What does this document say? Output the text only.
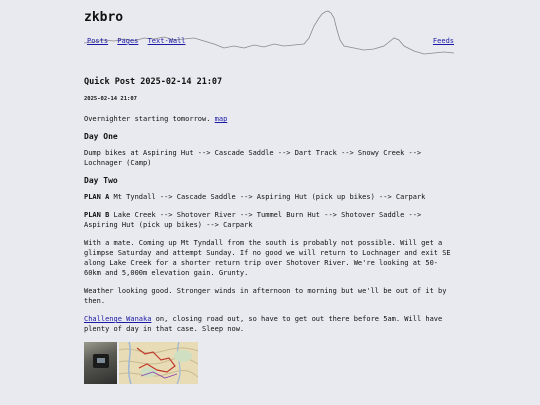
zkbro
Posts Pages Text-Wall	Feeds
Quick Post 2025-02-14 21:07
2025-02-14 21:07

Overnighter starting tomorrow. map

Day One

Dump bikes at Aspiring Hut --> Cascade Saddle --> Dart Track --> Snowy Creek --> Lochnager (Camp)

Day Two

PLAN A Mt Tyndall --> Cascade Saddle --> Aspiring Hut (pick up bikes) --> Carpark

PLAN B Lake Creek --> Shotover River --> Tummel Burn Hut --> Shotover Saddle --> Aspiring Hut (pick up bikes) --> Carpark

With a mate. Coming up Mt Tyndall from the south is probably not possible. Will get a glimpse Saturday and attempt Sunday. If no good we will return to Lochnager and exit SE along Lake Creek for a shorter return trip over Shotover River. We're looking at 50-60km and 5,000m elevation gain. Grunty.

Weather looking good. Stronger winds in afternoon to morning but we'll be out of it by then.

Challenge Wanaka on, closing road out, so have to get out there before 5am. Will have plenty of day in that case. Sleep now.
